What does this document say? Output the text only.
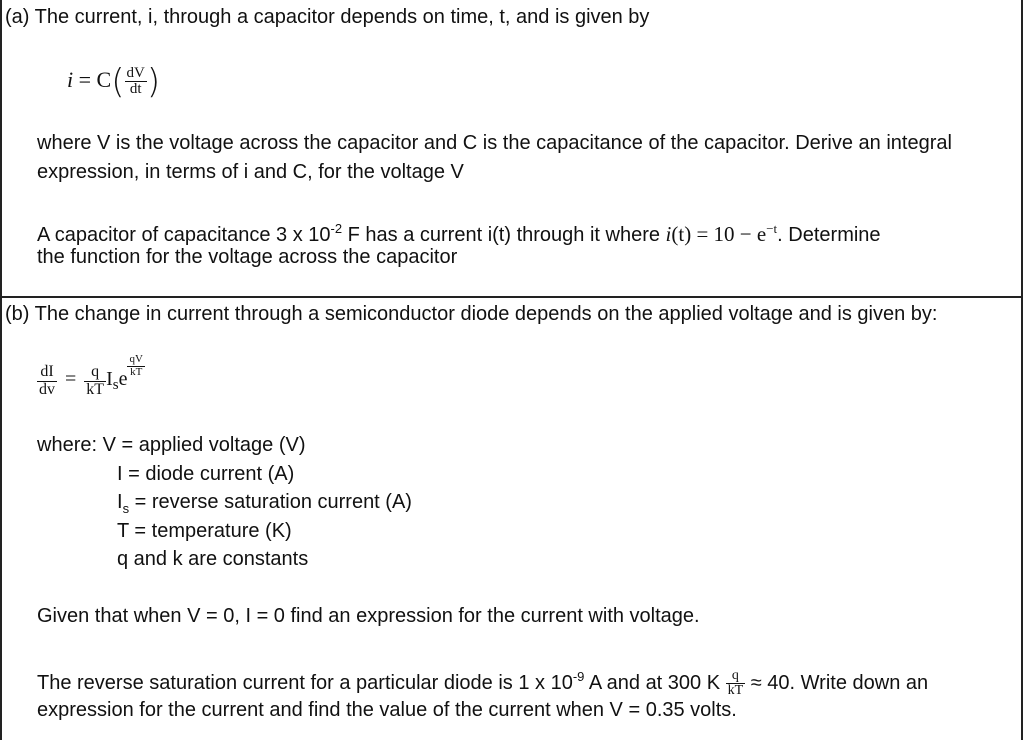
(a) The current, i, through a capacitor depends on time, t, and is given by
$i = C( \frac{dV}{dt}$ )
where V is the voltage across the capacitor and C is the capacitance of the capacitor. Derive an integral
expression, in terms of i and C, for the voltage V
A capacitor of capacitance 3 x $10^{-2}$ F has a current i(t) through it where $i(t) = 10 - e^{-t}$. Determine
the function for the voltage across the capacitor
(b) The change in current through a semiconductor diode depends on the applied voltage and is given by:
$\frac{dI}{dv} = \frac{q}{kT} I_se$
$\frac{qV}{kT}$
where: V = applied voltage (V)
I = diode current (A)
$I_s$ = reverse saturation current (A)
T = temperature (K)
q and k are constants
Given that when V = 0, I = 0 find an expression for the current with voltage.
The reverse saturation current for a particular diode is 1 x $10^{-9}$ A and at 300 K $\frac{q}{kT} \approx 40$. Write down an
expression for the current and find the value of the current when V = 0.35 volts.
